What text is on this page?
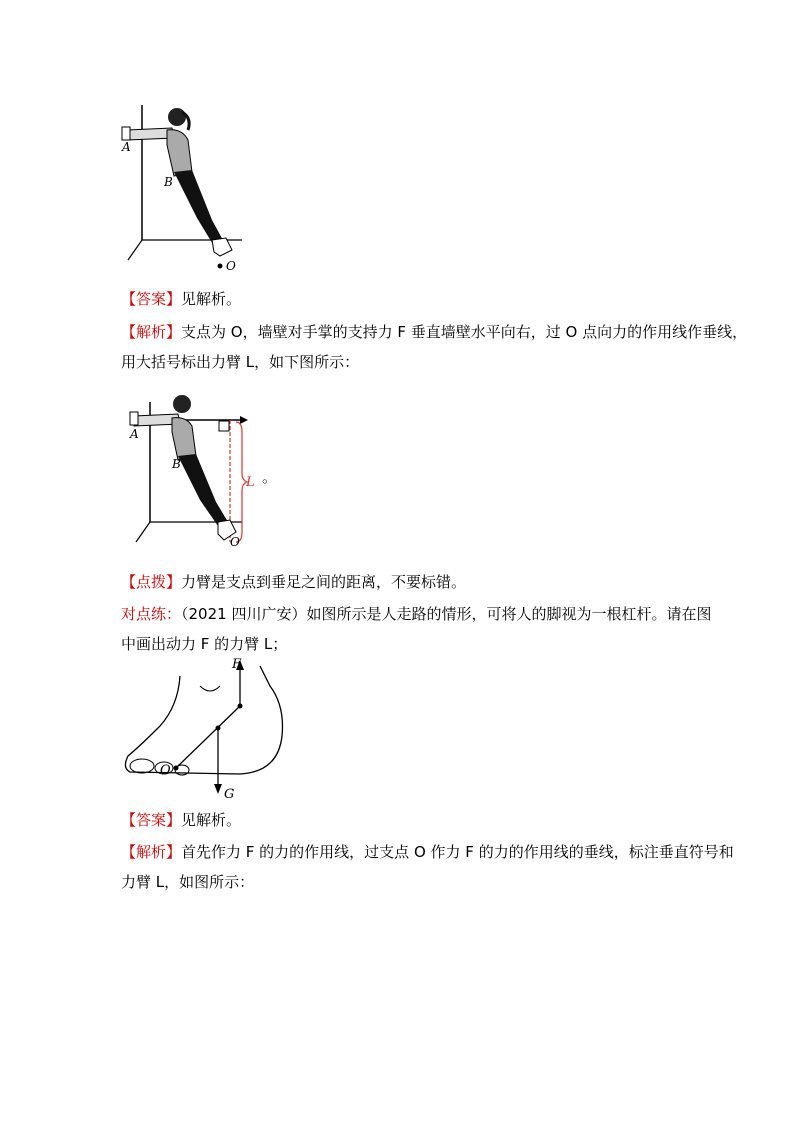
A
B
O
【答案】见解析。
【解析】支点为 O，墙壁对手掌的支持力 F 垂直墙壁水平向右，过 O 点向力的作用线作垂线，
用大括号标出力臂 L，如下图所示：
A
B
O
L 。
【点拨】力臂是支点到垂足之间的距离，不要标错。
对点练：（2021 四川广安）如图所示是人走路的情形，可将人的脚视为一根杠杆。请在图
中画出动力 F 的力臂 L；
F
G
O
【答案】见解析。
【解析】首先作力 F 的力的作用线，过支点 O 作力 F 的力的作用线的垂线，标注垂直符号和
力臂 L，如图所示：
